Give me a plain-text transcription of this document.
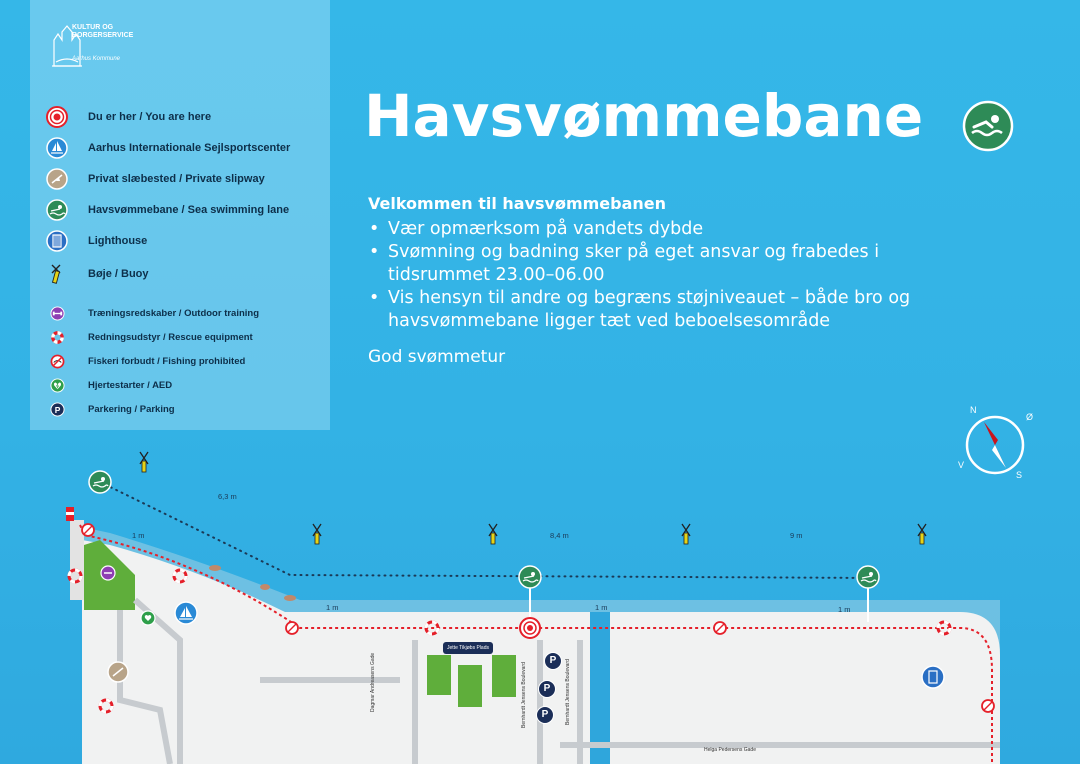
P
P
P
Jette Tikjøbs Plads
6,3 m
8,4 m	9 m
1 m
1 m	1 m	1 m
Dagmar Andreasens Gade	Bernhardt Jensens Boulevard	Bernhardt Jensens Boulevard
Helga Pedersens Gade
KULTUR OG
BORGERSERVICE
Aarhus Kommune
Du er her / You are here
Aarhus Internationale Sejlsportscenter
Privat slæbested / Private slipway
Havsvømmebane / Sea swimming lane
Lighthouse
Bøje / Buoy
Træningsredskaber / Outdoor training
Redningsudstyr / Rescue equipment
Fiskeri forbudt / Fishing prohibited
Hjertestarter / AED
P	Parkering / Parking
Havsvømmebane
Velkommen til havsvømmebanen
• Vær opmærksom på vandets dybde
• Svømning og badning sker på eget ansvar og frabedes i tidsrummet 23.00–06.00
• Vis hensyn til andre og begræns støjniveauet – både bro og havsvømmebane ligger tæt ved beboelsesområde
God svømmetur
N
Ø
V
S
